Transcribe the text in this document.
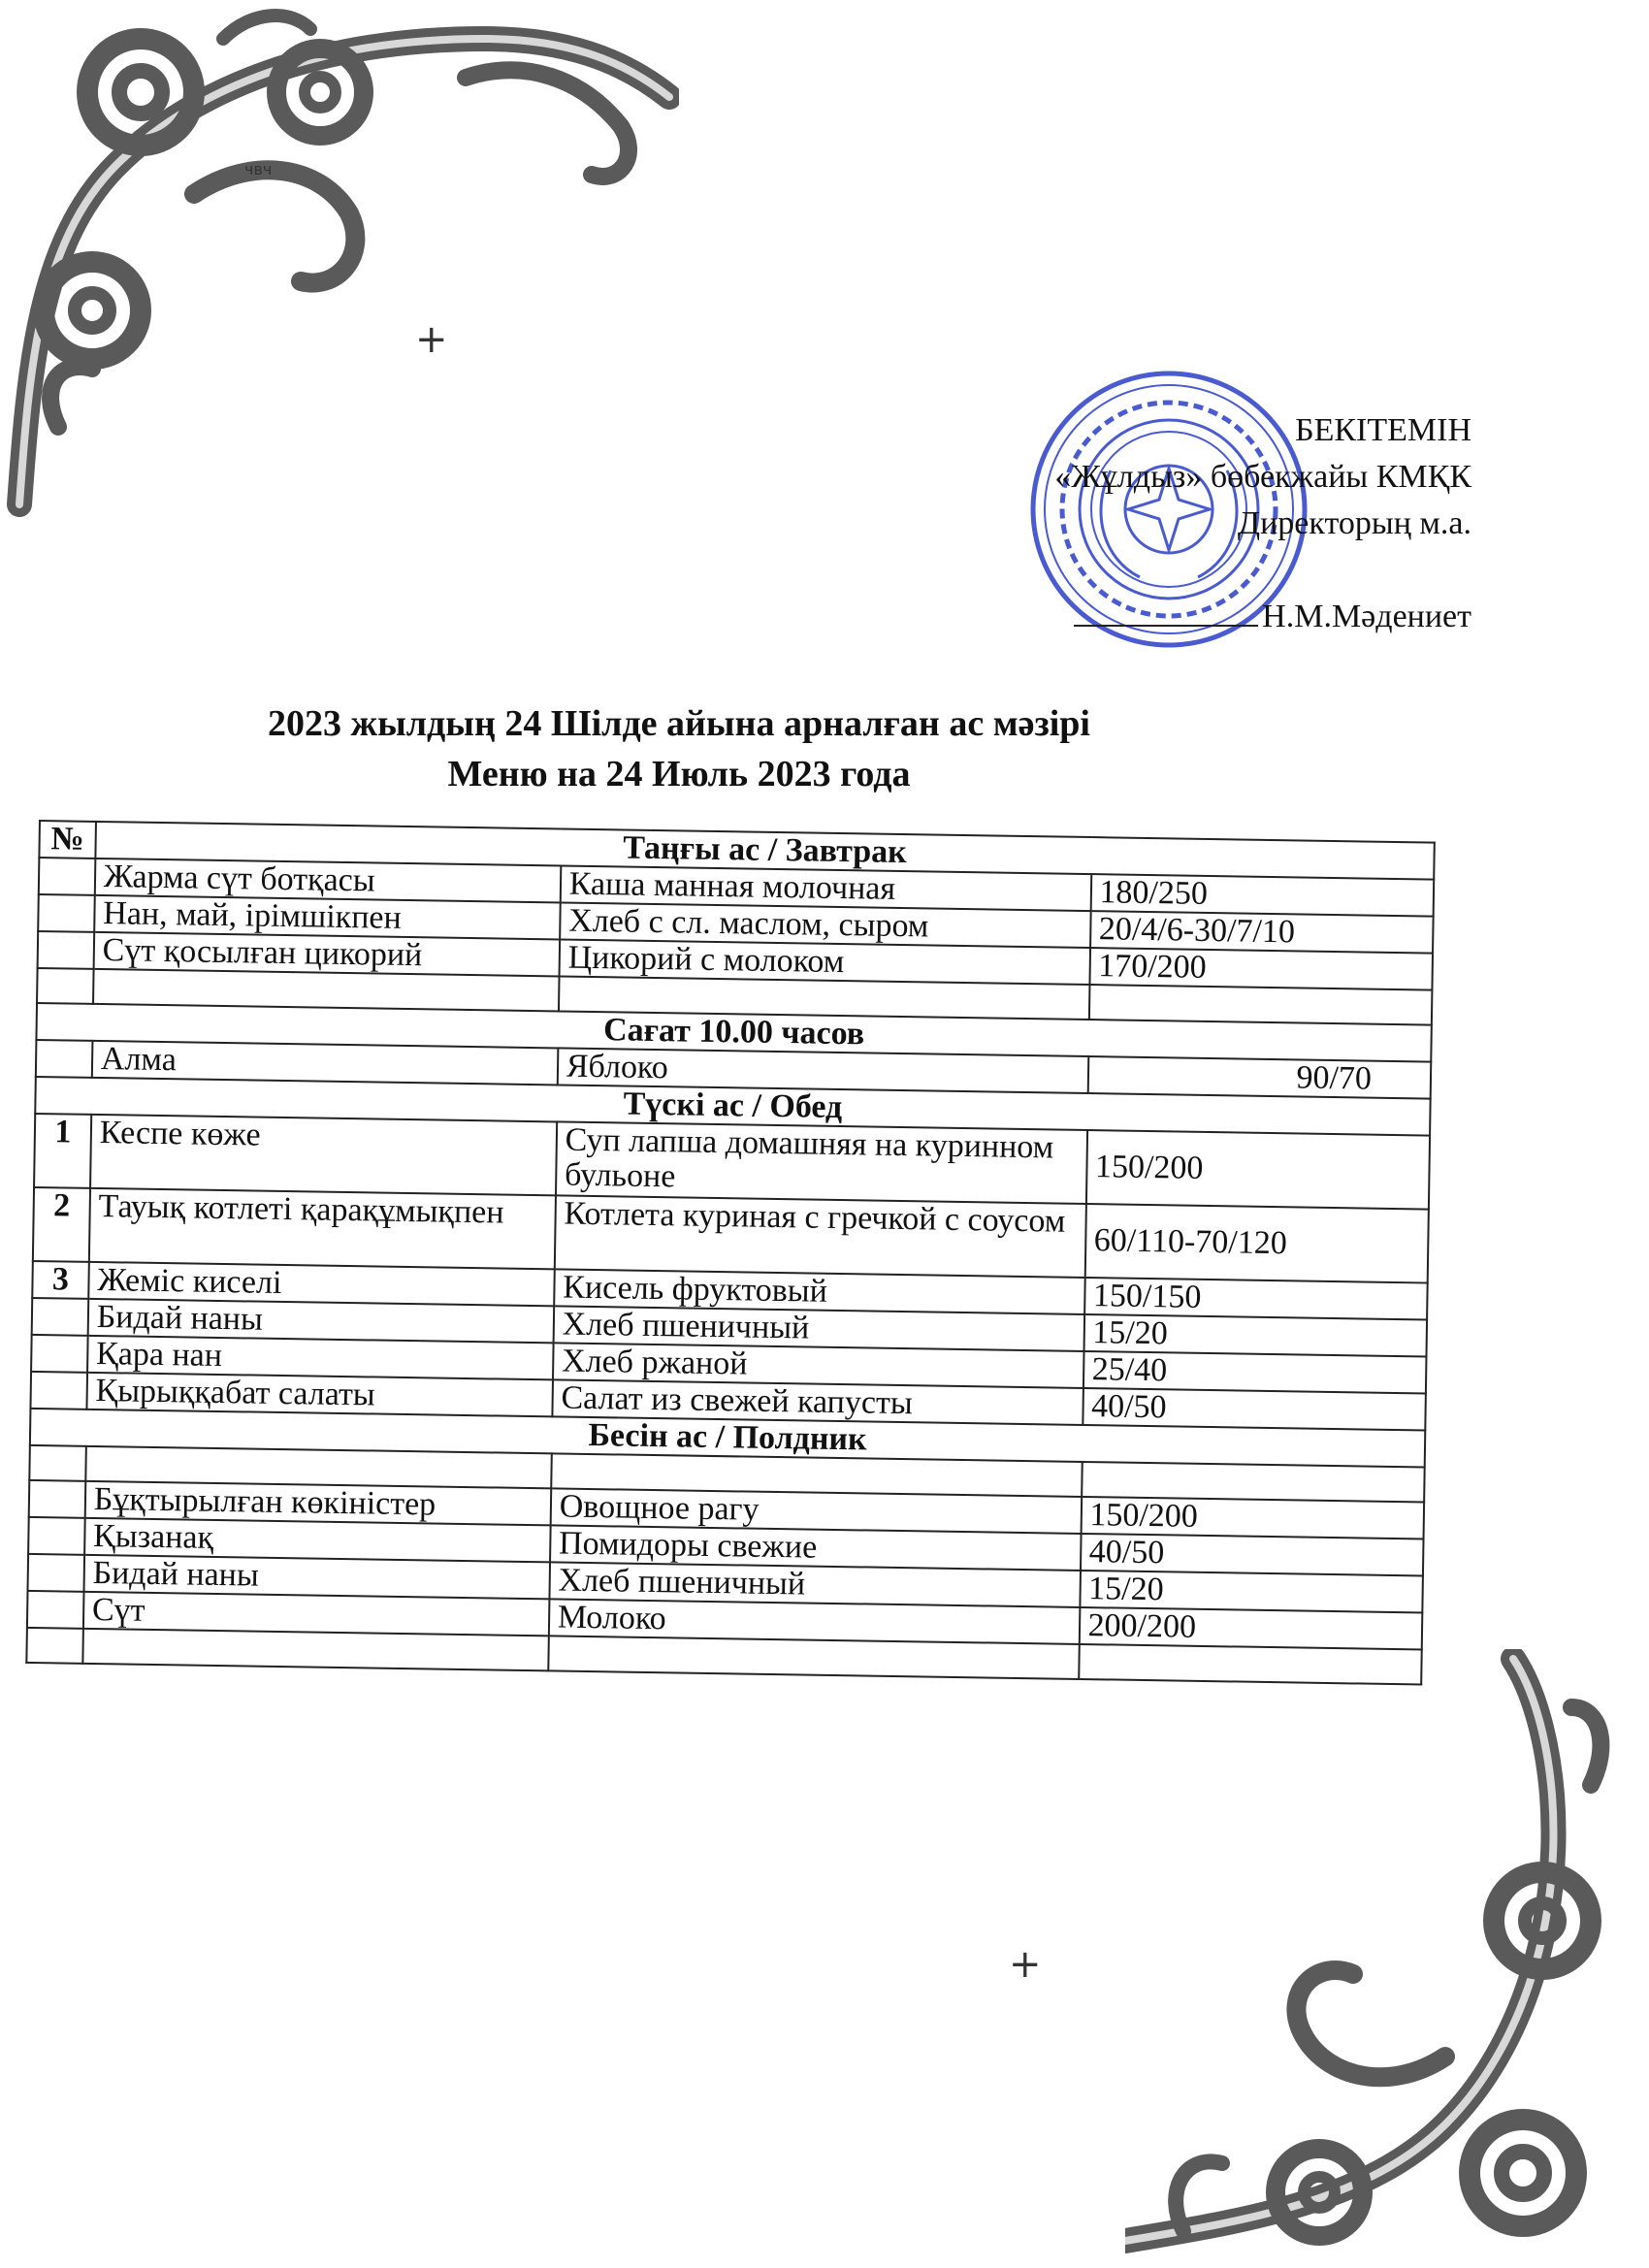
чвч
+
+
БЕКІТЕМІН
«Жұлдыз» бөбекжайы КМҚК
Директорың м.а.
Н.М.Мәдениет
2023 жылдың 24 Шілде айына арналған ас мәзірі
Меню на 24 Июль 2023 года
№	Таңғы ас / Завтрак		
	Жарма сүт ботқасы	Каша манная молочная	180/250
	Нан, май, ірімшікпен	Хлеб с сл. маслом, сыром	20/4/6-30/7/10
	Сүт қосылған цикорий	Цикорий с молоком	170/200

Сағат 10.00 часов			
	Алма	Яблоко	90/70
Түскі ас / Обед			
1	Кеспе көже	Суп лапша домашняя на куринном бульоне	150/200
2	Тауық котлеті қарақұмықпен	Котлета куриная с гречкой с соусом	60/110-70/120
3	Жеміс киселі	Кисель фруктовый	150/150
	Бидай наны	Хлеб пшеничный	15/20
	Қара нан	Хлеб ржаной	25/40
	Қырыққабат салаты	Салат из свежей капусты	40/50
Бесін ас / Полдник			

	Бұқтырылған көкіністер	Овощное рагу	150/200
	Қызанақ	Помидоры свежие	40/50
	Бидай наны	Хлеб пшеничный	15/20
	Сүт	Молоко	200/200
